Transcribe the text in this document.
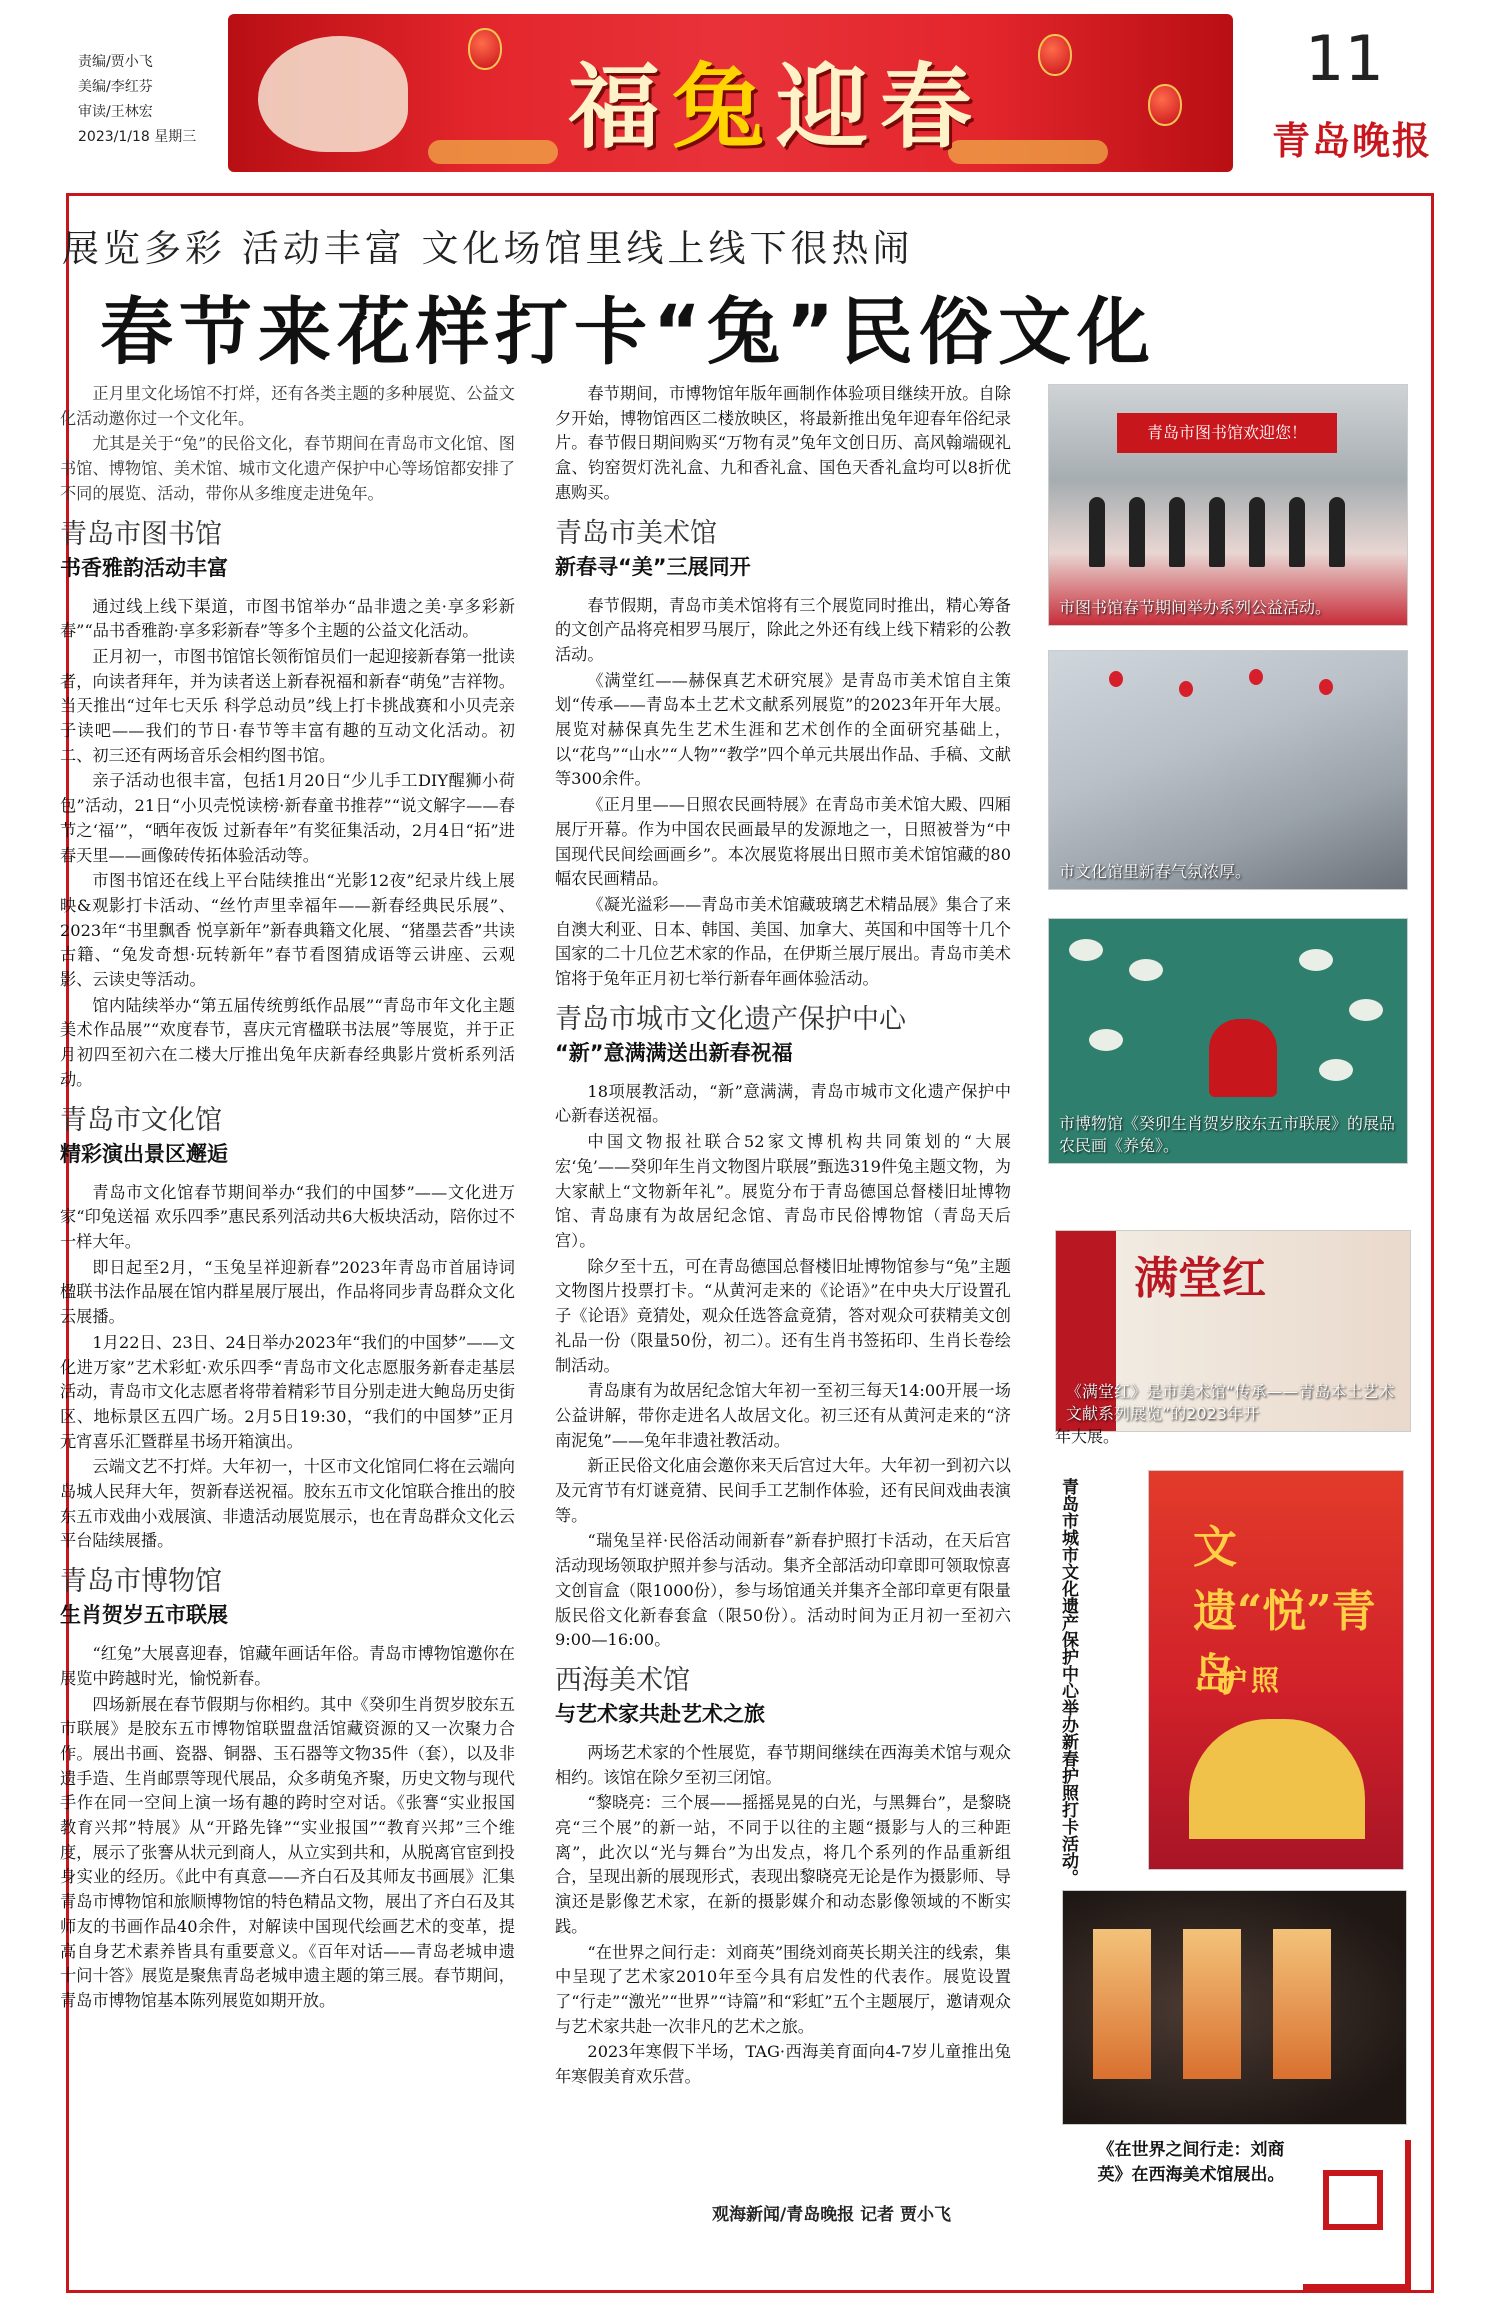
责编/贾小飞
美编/李红芬
审读/王林宏
2023/1/18 星期三	福兔迎春	11
青岛晚报
展览多彩 活动丰富 文化场馆里线上线下很热闹
春节来花样打卡“兔”民俗文化

正月里文化场馆不打烊，还有各类主题的多种展览、公益文化活动邀你过一个文化年。

尤其是关于“兔”的民俗文化，春节期间在青岛市文化馆、图书馆、博物馆、美术馆、城市文化遗产保护中心等场馆都安排了不同的展览、活动，带你从多维度走进兔年。

青岛市图书馆
书香雅韵活动丰富

通过线上线下渠道，市图书馆举办“品非遗之美·享多彩新春”“品书香雅韵·享多彩新春”等多个主题的公益文化活动。

正月初一，市图书馆馆长领衔馆员们一起迎接新春第一批读者，向读者拜年，并为读者送上新春祝福和新春“萌兔”吉祥物。当天推出“过年七天乐 科学总动员”线上打卡挑战赛和小贝壳亲子读吧——我们的节日·春节等丰富有趣的互动文化活动。初二、初三还有两场音乐会相约图书馆。

亲子活动也很丰富，包括1月20日“少儿手工DIY醒狮小荷包”活动，21日“小贝壳悦读榜·新春童书推荐”“说文解字——春节之‘福’”，“晒年夜饭 过新春年”有奖征集活动，2月4日“拓”进春天里——画像砖传拓体验活动等。

市图书馆还在线上平台陆续推出“光影12夜”纪录片线上展映&观影打卡活动、“丝竹声里幸福年——新春经典民乐展”、2023年“书里飘香 悦享新年”新春典籍文化展、“猪墨芸香”共读古籍、“兔发奇想·玩转新年”春节看图猜成语等云讲座、云观影、云读史等活动。

馆内陆续举办“第五届传统剪纸作品展”“青岛市年文化主题美术作品展”“欢度春节，喜庆元宵楹联书法展”等展览，并于正月初四至初六在二楼大厅推出兔年庆新春经典影片赏析系列活动。

青岛市文化馆
精彩演出景区邂逅

青岛市文化馆春节期间举办“我们的中国梦”——文化进万家“印兔送福 欢乐四季”惠民系列活动共6大板块活动，陪你过不一样大年。

即日起至2月，“玉兔呈祥迎新春”2023年青岛市首届诗词楹联书法作品展在馆内群星展厅展出，作品将同步青岛群众文化云展播。

1月22日、23日、24日举办2023年“我们的中国梦”——文化进万家”艺术彩虹·欢乐四季“青岛市文化志愿服务新春走基层活动，青岛市文化志愿者将带着精彩节目分别走进大鲍岛历史街区、地标景区五四广场。2月5日19:30，“我们的中国梦”正月元宵喜乐汇暨群星书场开箱演出。

云端文艺不打烊。大年初一，十区市文化馆同仁将在云端向岛城人民拜大年，贺新春送祝福。胶东五市文化馆联合推出的胶东五市戏曲小戏展演、非遗活动展览展示，也在青岛群众文化云平台陆续展播。

青岛市博物馆
生肖贺岁五市联展

“红兔”大展喜迎春，馆藏年画话年俗。青岛市博物馆邀你在展览中跨越时光，愉悦新春。

四场新展在春节假期与你相约。其中《癸卯生肖贺岁胶东五市联展》是胶东五市博物馆联盟盘活馆藏资源的又一次聚力合作。展出书画、瓷器、铜器、玉石器等文物35件（套），以及非遗手造、生肖邮票等现代展品，众多萌兔齐聚，历史文物与现代手作在同一空间上演一场有趣的跨时空对话。《张謇“实业报国 教育兴邦”特展》从“开路先锋”“实业报国”“教育兴邦”三个维度，展示了张謇从状元到商人，从立实到共和，从脱离官宦到投身实业的经历。《此中有真意——齐白石及其师友书画展》汇集青岛市博物馆和旅顺博物馆的特色精品文物，展出了齐白石及其师友的书画作品40余件，对解读中国现代绘画艺术的变革，提高自身艺术素养皆具有重要意义。《百年对话——青岛老城申遗十问十答》展览是聚焦青岛老城申遗主题的第三展。春节期间，青岛市博物馆基本陈列展览如期开放。

春节期间，市博物馆年版年画制作体验项目继续开放。自除夕开始，博物馆西区二楼放映区，将最新推出兔年迎春年俗纪录片。春节假日期间购买“万物有灵”兔年文创日历、高风翰端砚礼盒、钧窑贺灯洗礼盒、九和香礼盒、国色天香礼盒均可以8折优惠购买。

青岛市美术馆
新春寻“美”三展同开

春节假期，青岛市美术馆将有三个展览同时推出，精心筹备的文创产品将亮相罗马展厅，除此之外还有线上线下精彩的公教活动。

《满堂红——赫保真艺术研究展》是青岛市美术馆自主策划“传承——青岛本土艺术文献系列展览”的2023年开年大展。展览对赫保真先生艺术生涯和艺术创作的全面研究基础上，以“花鸟”“山水”“人物”“教学”四个单元共展出作品、手稿、文献等300余件。

《正月里——日照农民画特展》在青岛市美术馆大殿、四厢展厅开幕。作为中国农民画最早的发源地之一，日照被誉为“中国现代民间绘画画乡”。本次展览将展出日照市美术馆馆藏的80幅农民画精品。

《凝光溢彩——青岛市美术馆藏玻璃艺术精品展》集合了来自澳大利亚、日本、韩国、美国、加拿大、英国和中国等十几个国家的二十几位艺术家的作品，在伊斯兰展厅展出。青岛市美术馆将于兔年正月初七举行新春年画体验活动。

青岛市城市文化遗产保护中心
“新”意满满送出新春祝福

18项展教活动，“新”意满满，青岛市城市文化遗产保护中心新春送祝福。

中国文物报社联合52家文博机构共同策划的“大展宏‘兔’——癸卯年生肖文物图片联展”甄选319件兔主题文物，为大家献上“文物新年礼”。展览分布于青岛德国总督楼旧址博物馆、青岛康有为故居纪念馆、青岛市民俗博物馆（青岛天后宫）。

除夕至十五，可在青岛德国总督楼旧址博物馆参与“兔”主题文物图片投票打卡。“从黄河走来的《论语》”在中央大厅设置孔子《论语》竟猜处，观众任选答盒竟猜，答对观众可获精美文创礼品一份（限量50份，初二）。还有生肖书签拓印、生肖长卷绘制活动。

青岛康有为故居纪念馆大年初一至初三每天14:00开展一场公益讲解，带你走进名人故居文化。初三还有从黄河走来的“济南泥兔”——兔年非遗社教活动。

新正民俗文化庙会邀你来天后宫过大年。大年初一到初六以及元宵节有灯谜竟猜、民间手工艺制作体验，还有民间戏曲表演等。

“瑞兔呈祥·民俗活动闹新春”新春护照打卡活动，在天后宫活动现场领取护照并参与活动。集齐全部活动印章即可领取惊喜文创盲盒（限1000份），参与场馆通关并集齐全部印章更有限量版民俗文化新春套盒（限50份）。活动时间为正月初一至初六9:00—16:00。

西海美术馆
与艺术家共赴艺术之旅

两场艺术家的个性展览，春节期间继续在西海美术馆与观众相约。该馆在除夕至初三闭馆。

“黎晓亮：三个展——摇摇晃晃的白光，与黑舞台”，是黎晓亮“三个展”的新一站，不同于以往的主题“摄影与人的三种距离”，此次以“光与舞台”为出发点，将几个系列的作品重新组合，呈现出新的展现形式，表现出黎晓亮无论是作为摄影师、导演还是影像艺术家，在新的摄影媒介和动态影像领域的不断实践。

“在世界之间行走：刘商英”围绕刘商英长期关注的线索，集中呈现了艺术家2010年至今具有启发性的代表作。展览设置了“行走”“激光”“世界”“诗篇”和“彩虹”五个主题展厅，邀请观众与艺术家共赴一次非凡的艺术之旅。

2023年寒假下半场，TAG·西海美育面向4-7岁儿童推出兔年寒假美育欢乐营。

青岛市图书馆欢迎您！
市图书馆春节期间举办系列公益活动。
市文化馆里新春气氛浓厚。
市博物馆《癸卯生肖贺岁胶东五市联展》的展品农民画《养兔》。
满堂红
《满堂红》是市美术馆“传承——青岛本土艺术文献系列展览”的2023年开
年大展。
青岛市城市文化遗产保护中心举办新春护照打卡活动。	文遗“悦”青岛
护照
《在世界之间行走：刘商英》在西海美术馆展出。
观海新闻/青岛晚报 记者 贾小飞
